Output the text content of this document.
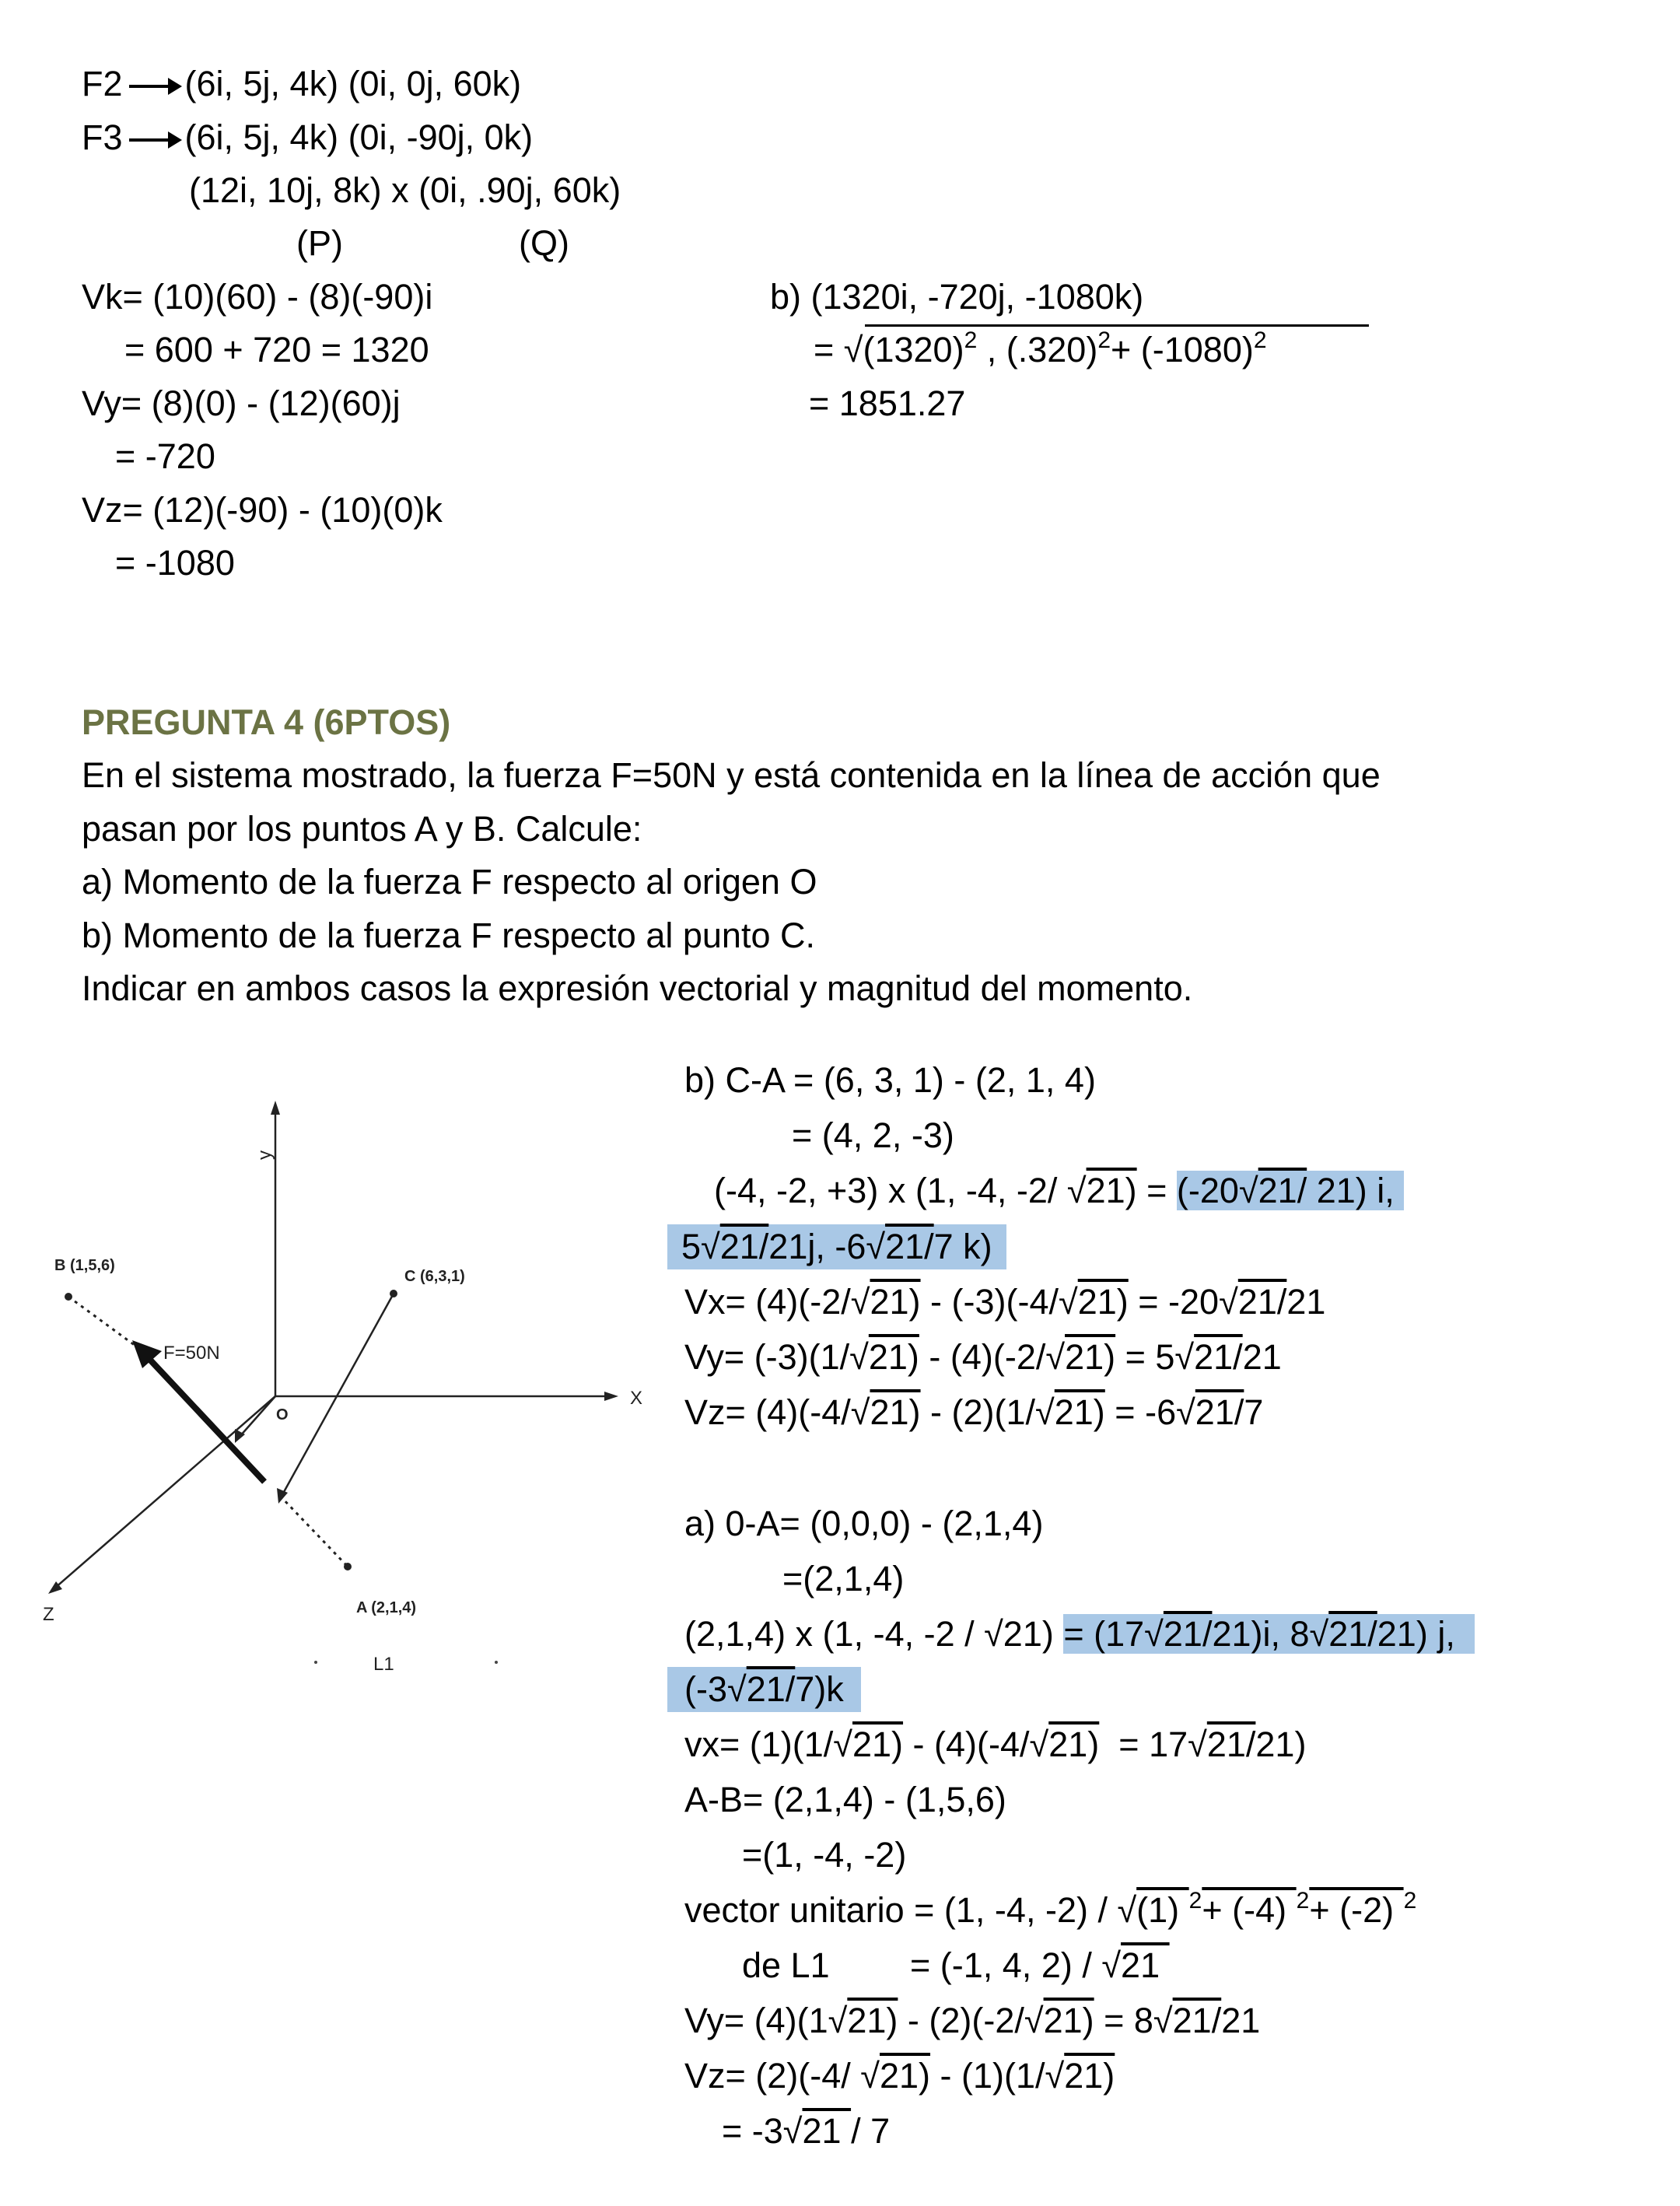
F2 (6i, 5j, 4k) (0i, 0j, 60k)
F3 (6i, 5j, 4k) (0i, -90j, 0k)
(12i, 10j, 8k) x (0i, .90j, 60k)
(P)	(Q)
Vk= (10)(60) - (8)(-90)i
= 600 + 720 = 1320
Vy= (8)(0) - (12)(60)j
= -720
Vz= (12)(-90) - (10)(0)k
= -1080
b) (1320i, -720j, -1080k)
= $√(1320)^2$ , $(.320)^2+ (-1080)^2$
= 1851.27
PREGUNTA 4 (6PTOS)
En el sistema mostrado, la fuerza F=50N y está contenida en la línea de acción que
pasan por los puntos A y B. Calcule:
a) Momento de la fuerza F respecto al origen O
b) Momento de la fuerza F respecto al punto C.
Indicar en ambos casos la expresión vectorial y magnitud del momento.
y
X
Z
O
B (1,5,6)
C (6,3,1)
A (2,1,4)
F=50N
L1
b) C-A = (6, 3, 1) - (2, 1, 4)
= (4, 2, -3)
(-4, -2, +3) x (1, -4, -2/ √21) = (-20√21/ 21) i,
5√21/21j, -6√21/7 k)
Vx= (4)(-2/√21) - (-3)(-4/√21) = -20√21/21
Vy= (-3)(1/√21) - (4)(-2/√21) = 5√21/21
Vz= (4)(-4/√21) - (2)(1/√21) = -6√21/7
a) 0-A= (0,0,0) - (2,1,4)
=(2,1,4)
(2,1,4) x (1, -4, -2 / √21) = (17√21/21)i, 8√21/21) j,
(-3√21/7)k
vx= (1)(1/√21) - (4)(-4/√21)  = 17√21/21)
A-B= (2,1,4) - (1,5,6)
=(1, -4, -2)
vector unitario = (1, -4, -2) / √(1) $^2$+ (-4) $^2$+ (-2) $^2$
de L1 = (-1, 4, 2) / √21
Vy= (4)(1√21) - (2)(-2/√21) = 8√21/21
Vz= (2)(-4/ √21) - (1)(1/√21)
= -3√21 / 7
